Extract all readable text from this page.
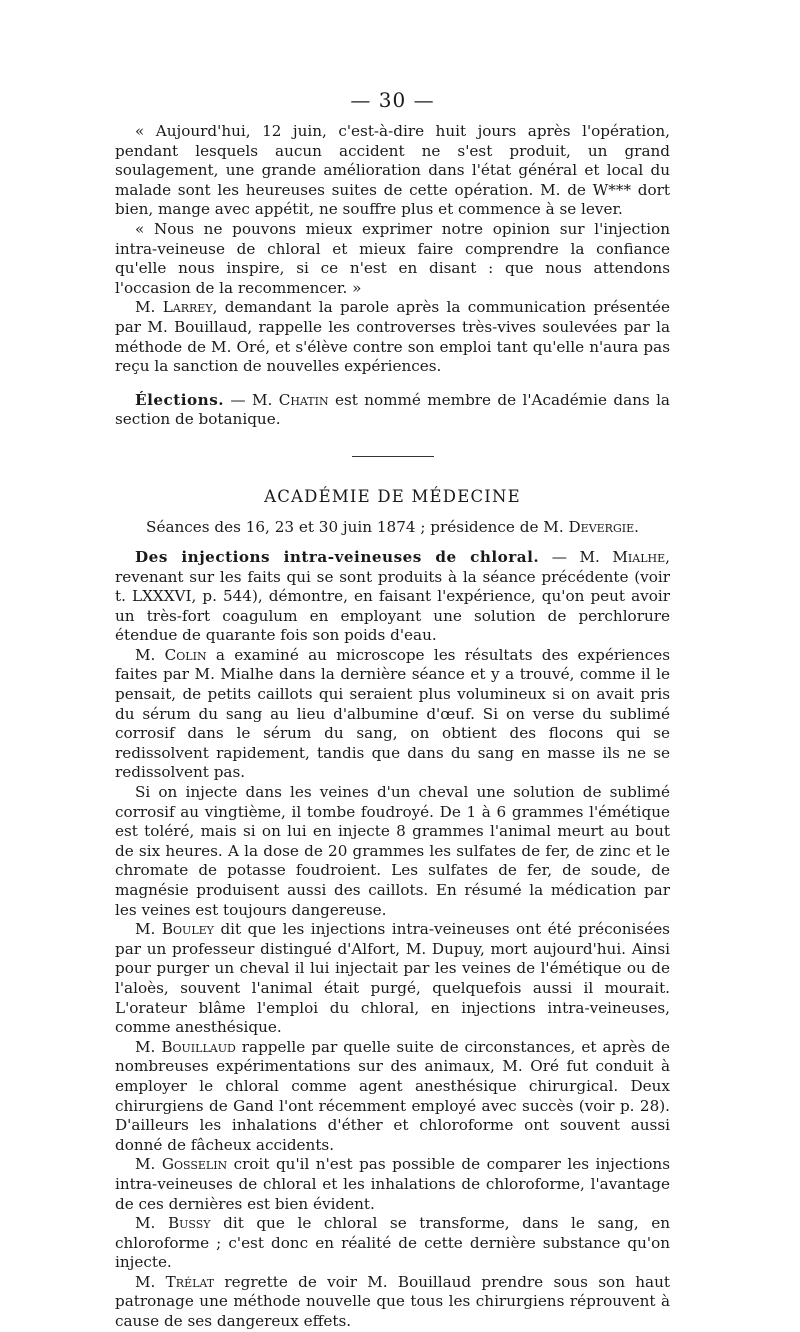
— 30 —

« Aujourd'hui, 12 juin, c'est-à-dire huit jours après l'opération, pendant lesquels aucun accident ne s'est produit, un grand soulagement, une grande amélioration dans l'état général et local du malade sont les heureuses suites de cette opération. M. de W*** dort bien, mange avec appétit, ne souffre plus et commence à se lever.

« Nous ne pouvons mieux exprimer notre opinion sur l'injection intra-veineuse de chloral et mieux faire comprendre la confiance qu'elle nous inspire, si ce n'est en disant : que nous attendons l'occasion de la recommencer. »

M. Larrey, demandant la parole après la communication présentée par M. Bouillaud, rappelle les controverses très-vives soulevées par la méthode de M. Oré, et s'élève contre son emploi tant qu'elle n'aura pas reçu la sanction de nouvelles expériences.

Élections. — M. Chatin est nommé membre de l'Académie dans la section de botanique.

ACADÉMIE DE MÉDECINE
Séances des 16, 23 et 30 juin 1874 ; présidence de M. Devergie.

Des injections intra-veineuses de chloral. — M. Mialhe, revenant sur les faits qui se sont produits à la séance précédente (voir t. LXXXVI, p. 544), démontre, en faisant l'expérience, qu'on peut avoir un très-fort coagulum en employant une solution de perchlorure étendue de quarante fois son poids d'eau.

M. Colin a examiné au microscope les résultats des expériences faites par M. Mialhe dans la dernière séance et y a trouvé, comme il le pensait, de petits caillots qui seraient plus volumineux si on avait pris du sérum du sang au lieu d'albumine d'œuf. Si on verse du sublimé corrosif dans le sérum du sang, on obtient des flocons qui se redissolvent rapidement, tandis que dans du sang en masse ils ne se redissolvent pas.

Si on injecte dans les veines d'un cheval une solution de sublimé corrosif au vingtième, il tombe foudroyé. De 1 à 6 grammes l'émétique est toléré, mais si on lui en injecte 8 grammes l'animal meurt au bout de six heures. A la dose de 20 grammes les sulfates de fer, de zinc et le chromate de potasse foudroient. Les sulfates de fer, de soude, de magnésie produisent aussi des caillots. En résumé la médication par les veines est toujours dangereuse.

M. Bouley dit que les injections intra-veineuses ont été préconisées par un professeur distingué d'Alfort, M. Dupuy, mort aujourd'hui. Ainsi pour purger un cheval il lui injectait par les veines de l'émétique ou de l'aloès, souvent l'animal était purgé, quelquefois aussi il mourait. L'orateur blâme l'emploi du chloral, en injections intra-veineuses, comme anesthésique.

M. Bouillaud rappelle par quelle suite de circonstances, et après de nombreuses expérimentations sur des animaux, M. Oré fut conduit à employer le chloral comme agent anesthésique chirurgical. Deux chirurgiens de Gand l'ont récemment employé avec succès (voir p. 28). D'ailleurs les inhalations d'éther et chloroforme ont souvent aussi donné de fâcheux accidents.

M. Gosselin croit qu'il n'est pas possible de comparer les injections intra-veineuses de chloral et les inhalations de chloroforme, l'avantage de ces dernières est bien évident.

M. Bussy dit que le chloral se transforme, dans le sang, en chloroforme ; c'est donc en réalité de cette dernière substance qu'on injecte.

M. Trélat regrette de voir M. Bouillaud prendre sous son haut patronage une méthode nouvelle que tous les chirurgiens réprouvent à cause de ses dangereux effets.
